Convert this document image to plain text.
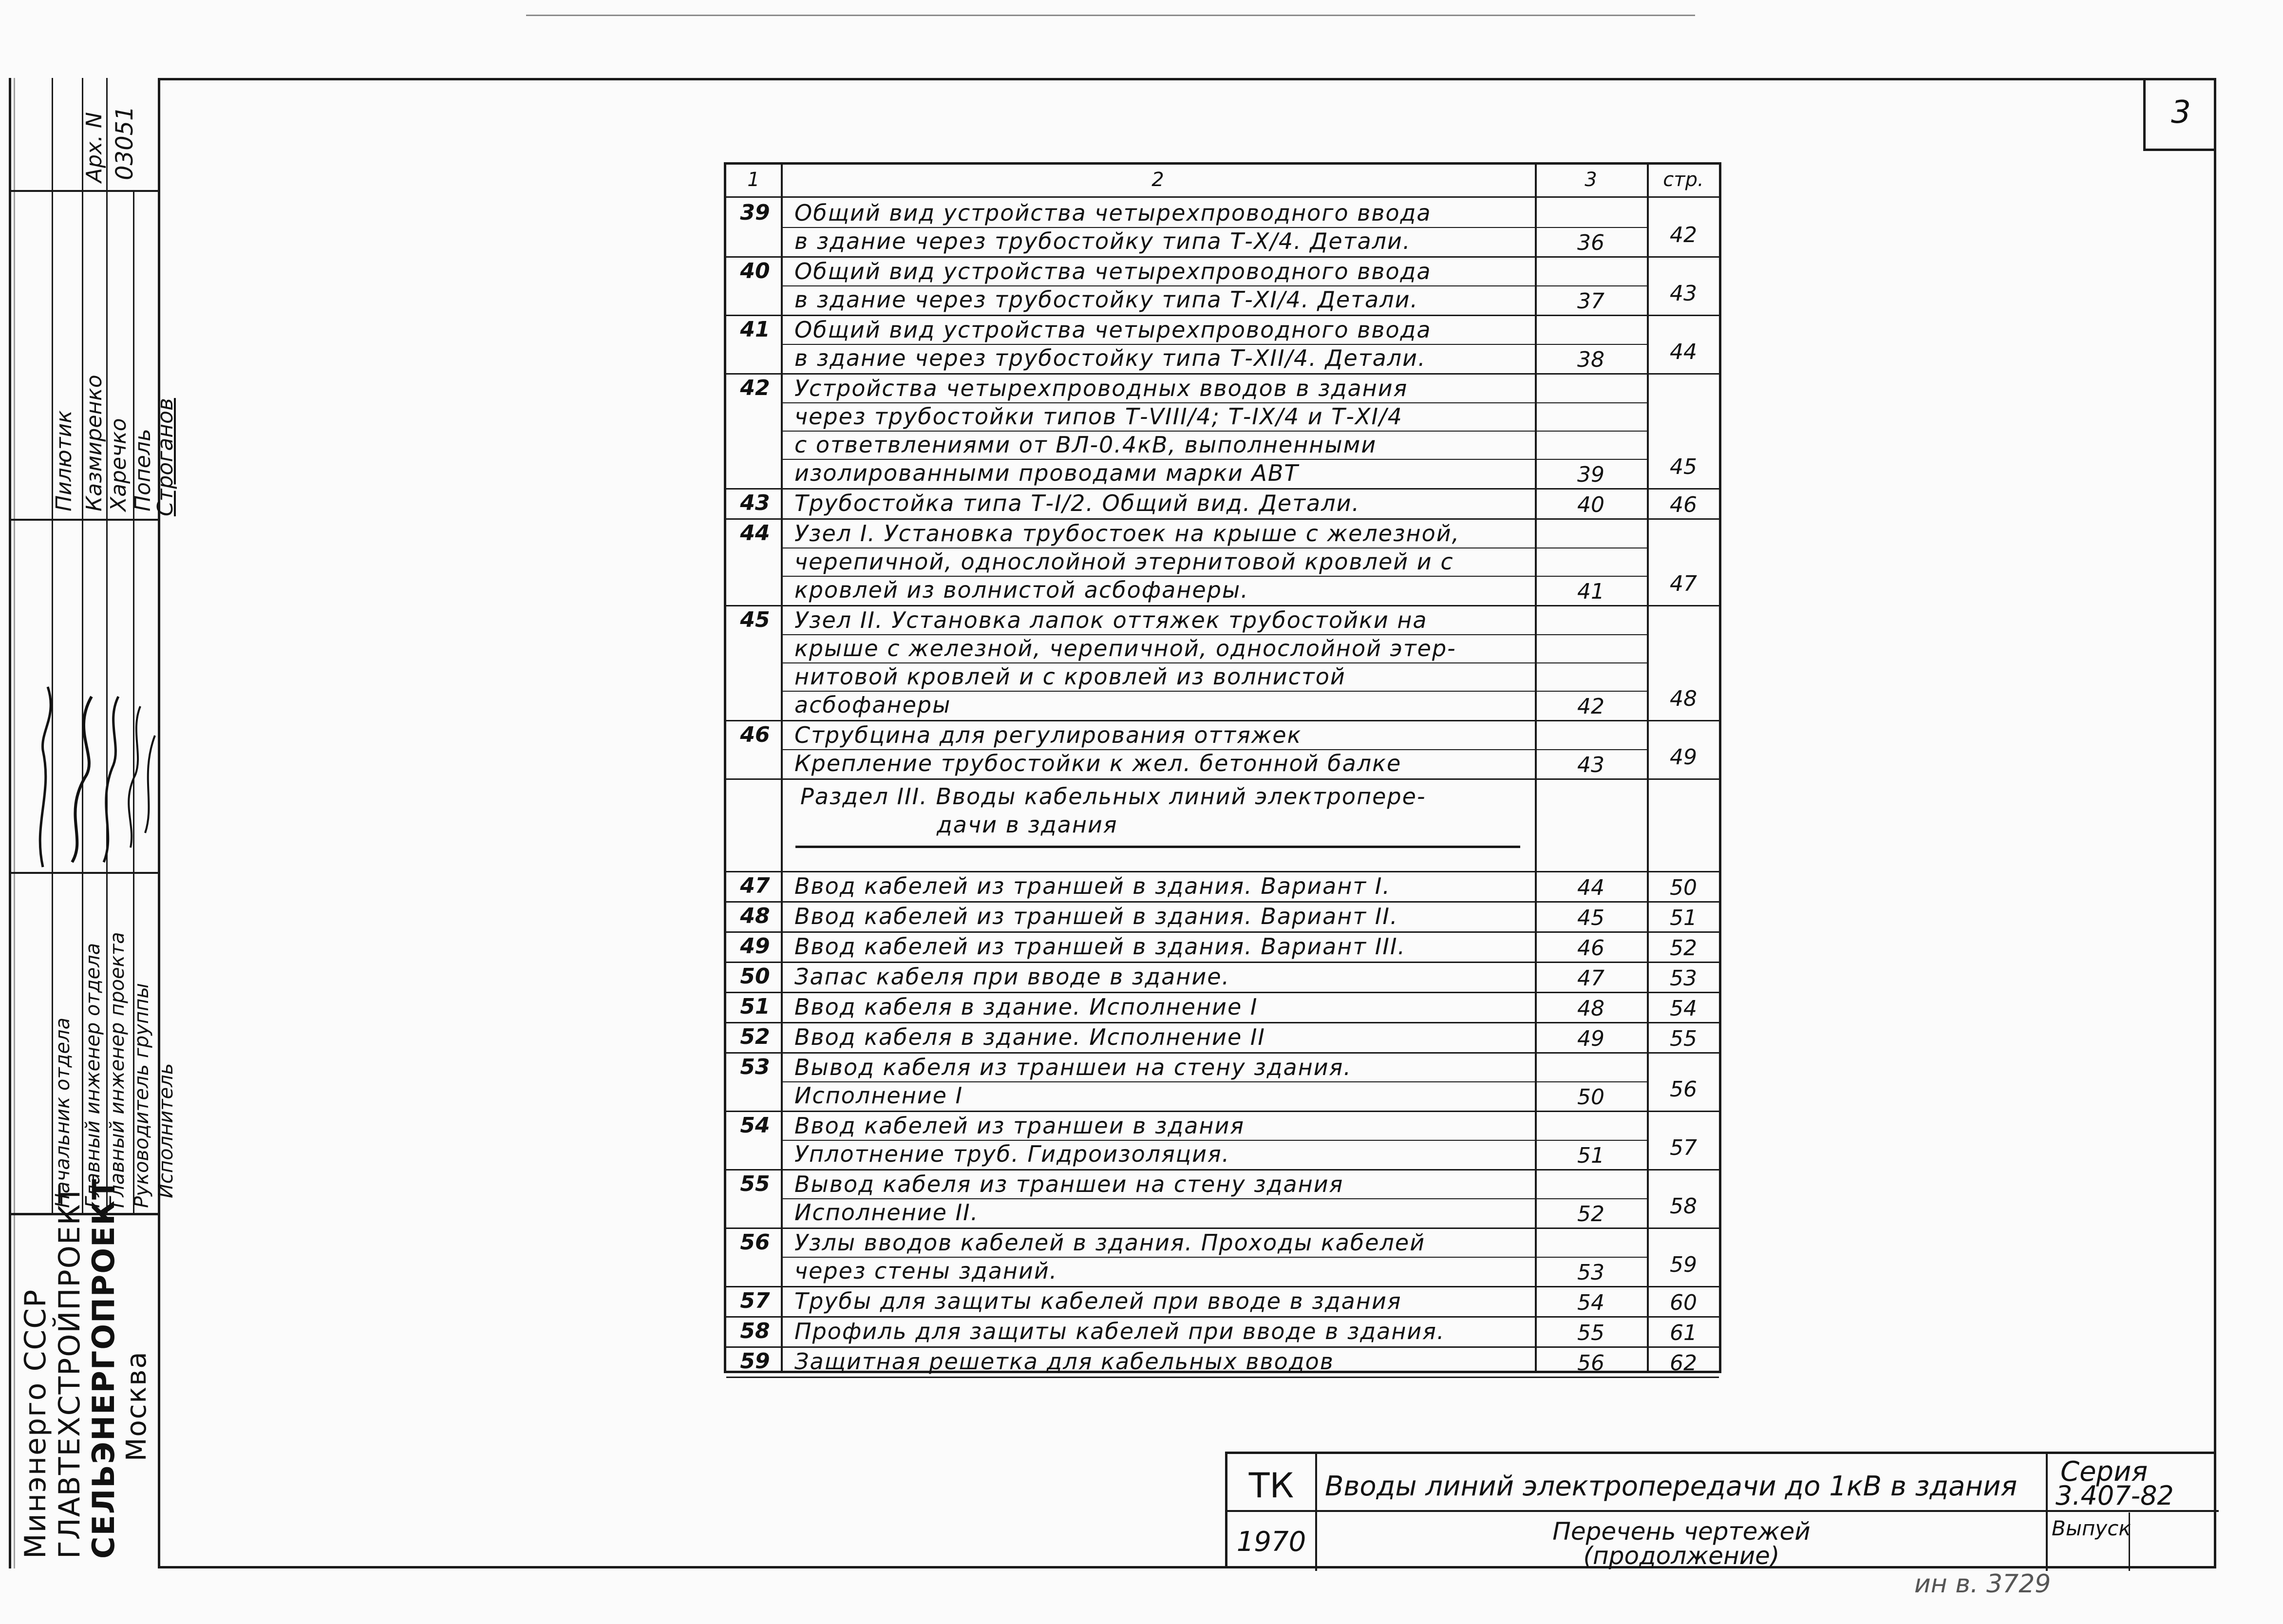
3
Арх. N 03051
Пилютик Казмиренко Харечко Попель
Строганов
Начальник отдела Главный инженер отдела Главный инженер проекта Руководитель группы Исполнитель
Минэнерго СССР ГЛАВТЕХСТРОЙПРОЕКТ
СЕЛЬЭНЕРГОПРОЕКТ Москва
1	2	3	стр.
39 Общий вид устройства четырехпроводного ввода
в здание через трубостойку типа Т-X/4. Детали.	36	42
40 Общий вид устройства четырехпроводного ввода
в здание через трубостойку типа Т-XI/4. Детали.	37	43
41 Общий вид устройства четырехпроводного ввода
в здание через трубостойку типа Т-XII/4. Детали.	38	44
42 Устройства четырехпроводных вводов в здания
через трубостойки типов Т-VIII/4; Т-IX/4 и Т-XI/4
с ответвлениями от ВЛ-0.4кВ, выполненными
изолированными проводами марки АВТ	39	45
43 Трубостойка типа Т-I/2. Общий вид. Детали.	40	46
44 Узел I. Установка трубостоек на крыше с железной,
черепичной, однослойной этернитовой кровлей и с
кровлей из волнистой асбофанеры.	41	47
45 Узел II. Установка лапок оттяжек трубостойки на
крыше с железной, черепичной, однослойной этер-
нитовой кровлей и с кровлей из волнистой
асбофанеры	42	48
46 Струбцина для регулирования оттяжек
Крепление трубостойки к жел. бетонной балке	43	49
Раздел III. Вводы кабельных линий электропере-
дачи в здания
47 Ввод кабелей из траншей в здания. Вариант I.	44	50
48 Ввод кабелей из траншей в здания. Вариант II.	45	51
49 Ввод кабелей из траншей в здания. Вариант III.	46	52
50 Запас кабеля при вводе в здание.	47	53
51 Ввод кабеля в здание. Исполнение I	48	54
52 Ввод кабеля в здание. Исполнение II	49	55
53 Вывод кабеля из траншеи на стену здания.
Исполнение I	50	56
54 Ввод кабелей из траншеи в здания
Уплотнение труб. Гидроизоляция.	51	57
55 Вывод кабеля из траншеи на стену здания
Исполнение II.	52	58
56 Узлы вводов кабелей в здания. Проходы кабелей
через стены зданий.	53	59
57 Трубы для защиты кабелей при вводе в здания	54	60
58 Профиль для защиты кабелей при вводе в здания.	55	61
59 Защитная решетка для кабельных вводов	56	62
ТК
1970
Вводы линий электропередачи до 1кВ в здания
Перечень чертежей
(продолжение)
Серия
3.407-82
Выпуск
ин в. 3729
